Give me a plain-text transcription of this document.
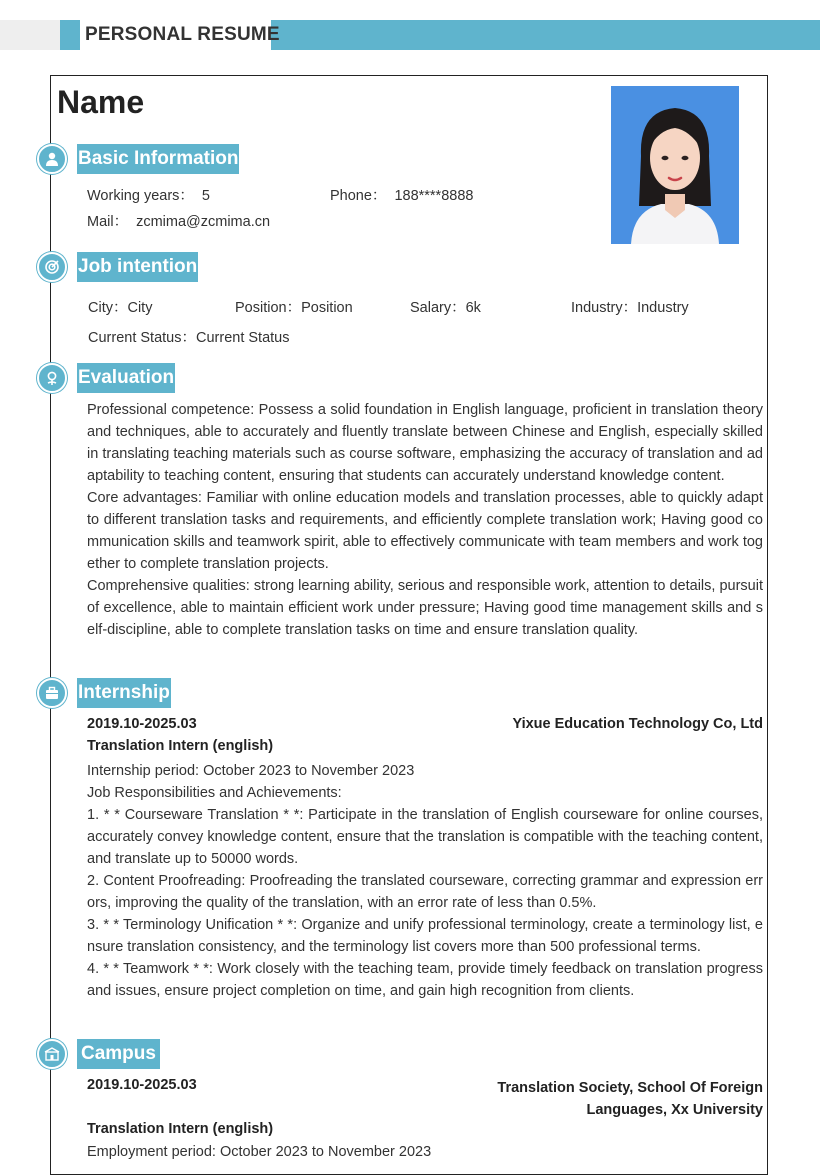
PERSONAL RESUME
Name
Basic Information
Working years： 5	Phone： 188****8888
Mail： zcmima@zcmima.cn
Job intention
City：City	Position：Position	Salary：6k	Industry：Industry
Current Status：Current Status
Evaluation

Professional competence: Possess a solid foundation in English language, proficient in translation theory and techniques, able to accurately and fluently translate between Chinese and English, especially skilled in translating teaching materials such as course software, emphasizing the accuracy of translation and adaptability to teaching content, ensuring that students can accurately understand knowledge content.

Core advantages: Familiar with online education models and translation processes, able to quickly adapt to different translation tasks and requirements, and efficiently complete translation work; Having good communication skills and teamwork spirit, able to effectively communicate with team members and work together to complete translation projects.

Comprehensive qualities: strong learning ability, serious and responsible work, attention to details, pursuit of excellence, able to maintain efficient work under pressure; Having good time management skills and self-discipline, able to complete translation tasks on time and ensure translation quality.

Internship
2019.10-2025.03	Yixue Education Technology Co, Ltd
Translation Intern (english)

Internship period: October 2023 to November 2023

Job Responsibilities and Achievements:

1. * * Courseware Translation * *: Participate in the translation of English courseware for online courses, accurately convey knowledge content, ensure that the translation is compatible with the teaching content, and translate up to 50000 words.

2. Content Proofreading: Proofreading the translated courseware, correcting grammar and expression errors, improving the quality of the translation, with an error rate of less than 0.5%.

3. * * Terminology Unification * *: Organize and unify professional terminology, create a terminology list, ensure translation consistency, and the terminology list covers more than 500 professional terms.

4. * * Teamwork * *: Work closely with the teaching team, provide timely feedback on translation progress and issues, ensure project completion on time, and gain high recognition from clients.

Campus
2019.10-2025.03	Translation Society, School Of Foreign Languages, Xx University
Translation Intern (english)
Employment period: October 2023 to November 2023
